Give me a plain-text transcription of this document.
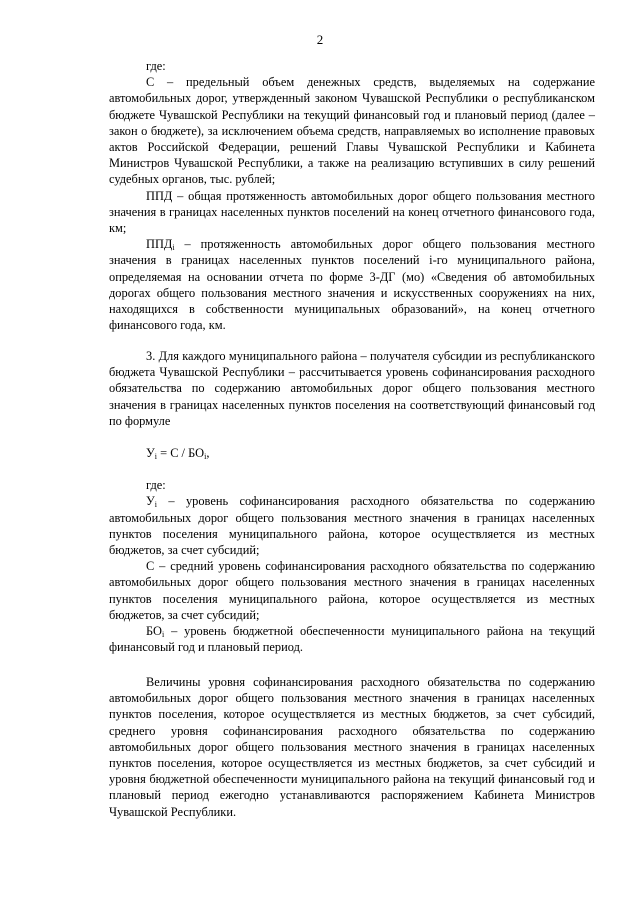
2

где:

С – предельный объем денежных средств, выделяемых на содержание автомобильных дорог, утвержденный законом Чувашской Республики о республиканском бюджете Чувашской Республики на текущий финансовый год и плановый период (далее – закон о бюджете), за исключением объема средств, направляемых во исполнение правовых актов Российской Федерации, решений Главы Чувашской Республики и Кабинета Министров Чувашской Республики, а также на реализацию вступивших в силу решений судебных органов, тыс. рублей;

ППД – общая протяженность автомобильных дорог общего пользования местного значения в границах населенных пунктов поселений на конец отчетного финансового года, км;

$ППД_i$ – протяженность автомобильных дорог общего пользования местного значения в границах населенных пунктов поселений i-го муниципального района, определяемая на основании отчета по форме 3-ДГ (мо) «Сведения об автомобильных дорогах общего пользования местного значения и искусственных сооружениях на них, находящихся в собственности муниципальных образований», на конец отчетного финансового года, км.

3. Для каждого муниципального района – получателя субсидии из республиканского бюджета Чувашской Республики – рассчитывается уровень софинансирования расходного обязательства по содержанию автомобильных дорог общего пользования местного значения в границах населенных пунктов поселения на соответствующий финансовый год по формуле

$У_i = С / БО_i$,

где:

$У_i$ – уровень софинансирования расходного обязательства по содержанию автомобильных дорог общего пользования местного значения в границах населенных пунктов поселения муниципального района, которое осуществляется из местных бюджетов, за счет субсидий;

С – средний уровень софинансирования расходного обязательства по содержанию автомобильных дорог общего пользования местного значения в границах населенных пунктов поселения муниципального района, которое осуществляется из местных бюджетов, за счет субсидий;

$БО_i$ – уровень бюджетной обеспеченности муниципального района на текущий финансовый год и плановый период.

Величины уровня софинансирования расходного обязательства по содержанию автомобильных дорог общего пользования местного значения в границах населенных пунктов поселения, которое осуществляется из местных бюджетов, за счет субсидий, среднего уровня софинансирования расходного обязательства по содержанию автомобильных дорог общего пользования местного значения в границах населенных пунктов поселения, которое осуществляется из местных бюджетов, за счет субсидий и уровня бюджетной обеспеченности муниципального района на текущий финансовый год и плановый период ежегодно устанавливаются распоряжением Кабинета Министров Чувашской Республики.
